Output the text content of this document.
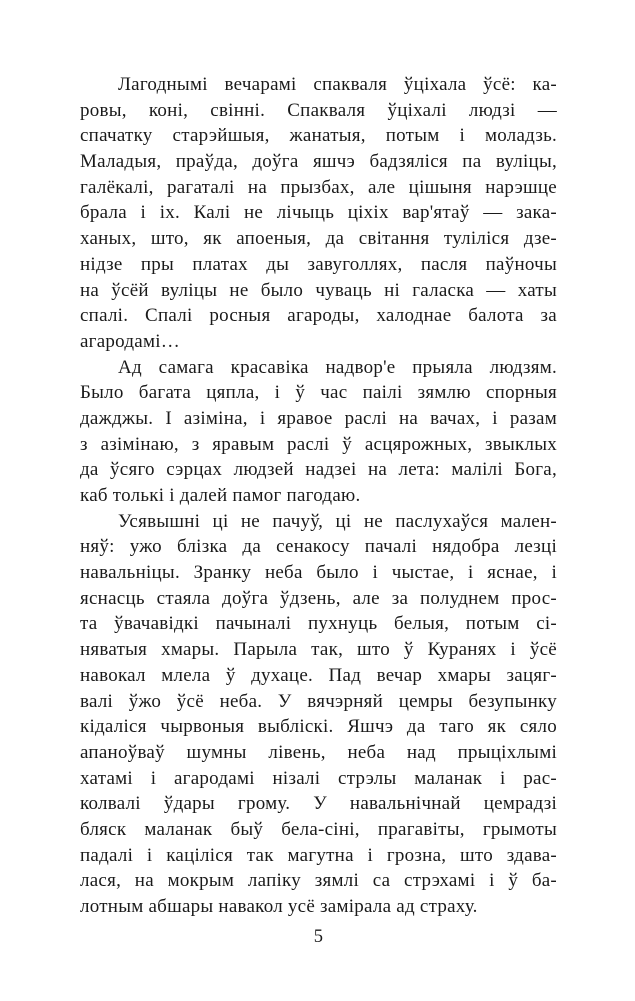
Лагоднымі вечарамі спакваля ўціхала ўсё: ка-
ровы, коні, свінні. Спакваля ўціхалі людзі —
спачатку старэйшыя, жанатыя, потым і моладзь.
Маладыя, праўда, доўга яшчэ бадзяліся па вуліцы,
галёкалі, рагаталі на прызбах, але цішыня нарэшце
брала і іх. Калі не лічыць ціхіх вар'ятаў — зака-
ханых, што, як апоеныя, да світання туліліся дзе-
нідзе пры платах ды завуголлях, пасля паўночы
на ўсёй вуліцы не было чуваць ні галаска — хаты
спалі. Спалі росныя агароды, халоднае балота за
агародамі…
Ад самага красавіка надвор'е прыяла людзям.
Было багата цяпла, і ў час паілі зямлю спорныя
дажджы. І азіміна, і яравое раслі на вачах, і разам
з азімінаю, з яравым раслі ў асцярожных, звыклых
да ўсяго сэрцах людзей надзеі на лета: малілі Бога,
каб толькі і далей памог пагодаю.
Усявышні ці не пачуў, ці не паслухаўся мален-
няў: ужо блізка да сенакосу пачалі нядобра лезці
навальніцы. Зранку неба было і чыстае, і яснае, і
яснасць стаяла доўга ўдзень, але за полуднем прос-
та ўвачавідкі пачыналі пухнуць белыя, потым сі-
няватыя хмары. Парыла так, што ў Куранях і ўсё
навокал млела ў духаце. Пад вечар хмары зацяг-
валі ўжо ўсё неба. У вячэрняй цемры безупынку
кідаліся чырвоныя выбліскі. Яшчэ да таго як сяло
апаноўваў шумны лівень, неба над прыціхлымі
хатамі і агародамі нізалі стрэлы маланак і рас-
колвалі ўдары грому. У навальнічнай цемрадзі
бляск маланак быў бела-сіні, прагавіты, грымоты
падалі і каціліся так магутна і грозна, што здава-
лася, на мокрым лапіку зямлі са стрэхамі і ў ба-
лотным абшары навакол усё замірала ад страху.
5
